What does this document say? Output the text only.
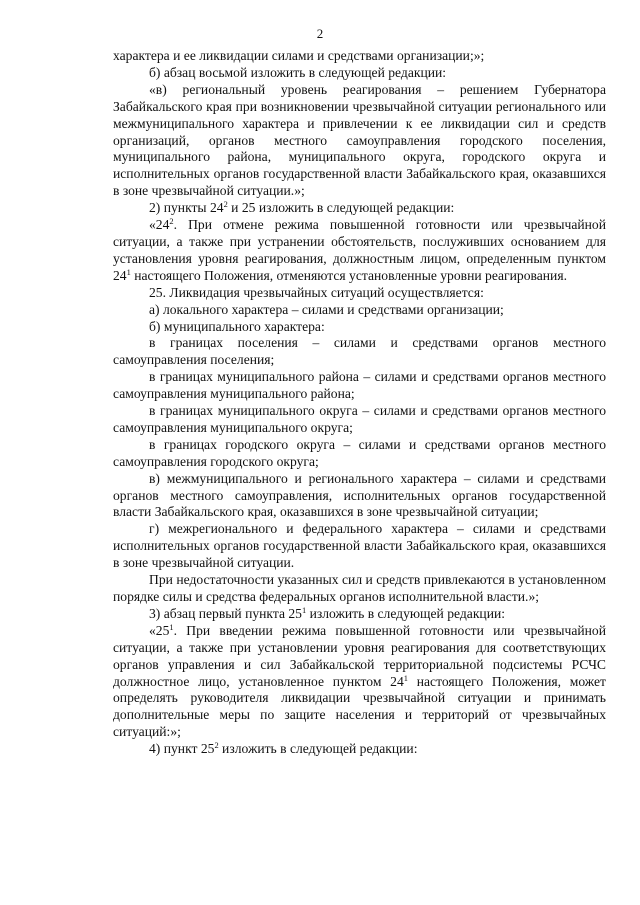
2

характера и ее ликвидации силами и средствами организации;»;

б) абзац восьмой изложить в следующей редакции:

«в) региональный уровень реагирования – решением Губернатора Забайкальского края при возникновении чрезвычайной ситуации регионального или межмуниципального характера и привлечении к ее ликвидации сил и средств организаций, органов местного самоуправления городского поселения, муниципального района, муниципального округа, городского округа и исполнительных органов государственной власти Забайкальского края, оказавшихся в зоне чрезвычайной ситуации.»;

2) пункты $24^2$ и 25 изложить в следующей редакции:

«$24^2$. При отмене режима повышенной готовности или чрезвычайной ситуации, а также при устранении обстоятельств, послуживших основанием для установления уровня реагирования, должностным лицом, определенным пунктом $24^1$ настоящего Положения, отменяются установленные уровни реагирования.

25. Ликвидация чрезвычайных ситуаций осуществляется:

а) локального характера – силами и средствами организации;

б) муниципального характера:

в границах поселения – силами и средствами органов местного самоуправления поселения;

в границах муниципального района – силами и средствами органов местного самоуправления муниципального района;

в границах муниципального округа – силами и средствами органов местного самоуправления муниципального округа;

в границах городского округа – силами и средствами органов местного самоуправления городского округа;

в) межмуниципального и регионального характера – силами и средствами органов местного самоуправления, исполнительных органов государственной власти Забайкальского края, оказавшихся в зоне чрезвычайной ситуации;

г) межрегионального и федерального характера – силами и средствами исполнительных органов государственной власти Забайкальского края, оказавшихся в зоне чрезвычайной ситуации.

При недостаточности указанных сил и средств привлекаются в установленном порядке силы и средства федеральных органов исполнительной власти.»;

3) абзац первый пункта $25^1$ изложить в следующей редакции:

«$25^1$. При введении режима повышенной готовности или чрезвычайной ситуации, а также при установлении уровня реагирования для соответствующих органов управления и сил Забайкальской территориальной подсистемы РСЧС должностное лицо, установленное пунктом $24^1$ настоящего Положения, может определять руководителя ликвидации чрезвычайной ситуации и принимать дополнительные меры по защите населения и территорий от чрезвычайных ситуаций:»;

4) пункт $25^2$ изложить в следующей редакции:
